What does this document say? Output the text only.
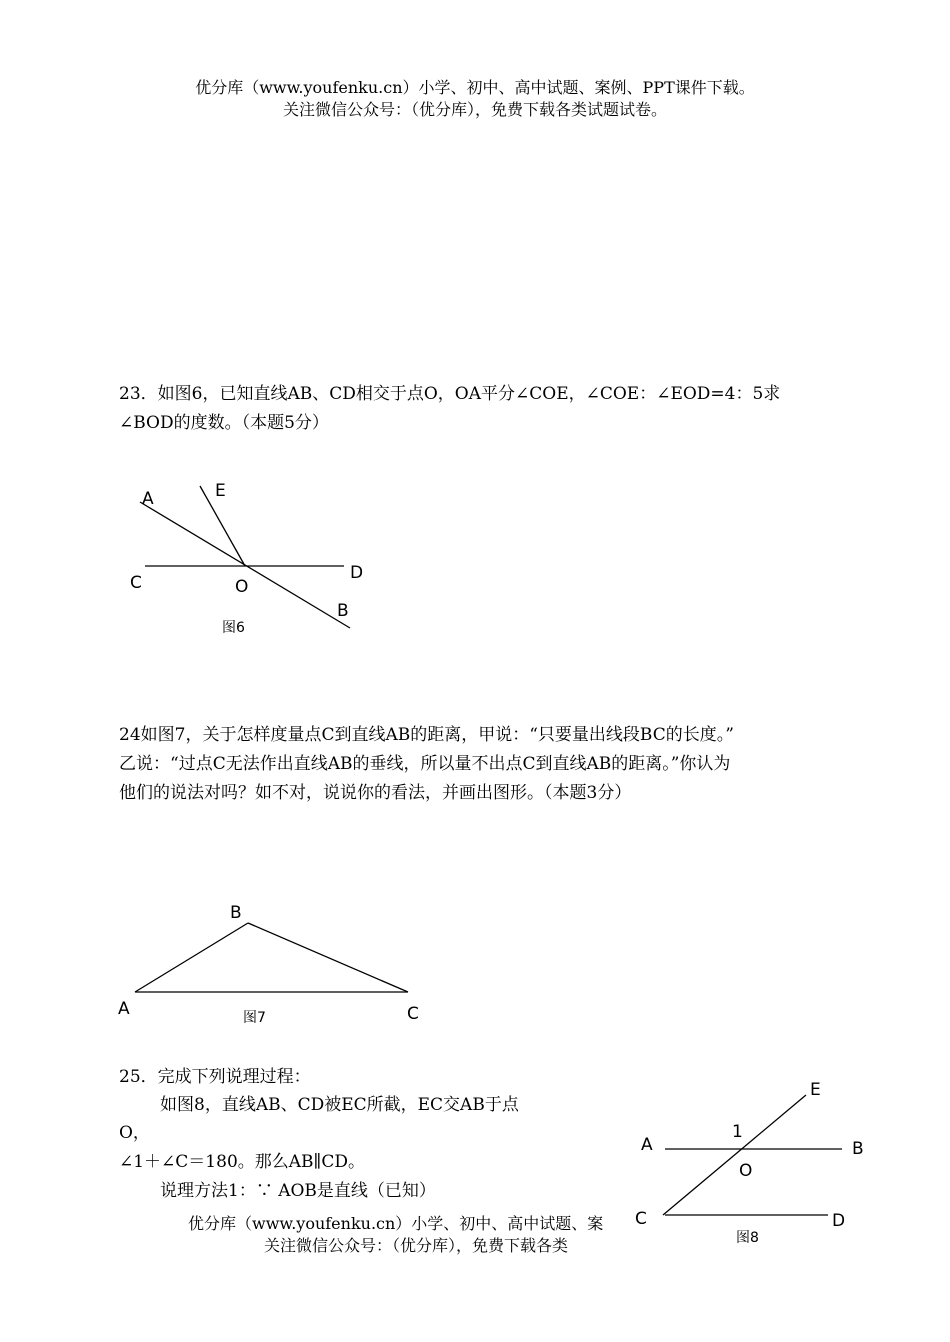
优分库（www.youfenku.cn）小学、初中、高中试题、案例、PPT课件下载。
关注微信公众号：（优分库），免费下载各类试题试卷。
23．如图6，已知直线AB、CD相交于点O，OA平分∠COE，∠COE：∠EOD=4：5求
∠BOD的度数。（本题5分）
A	E
C	O
D
B
图6
24如图7，关于怎样度量点C到直线AB的距离，甲说：“只要量出线段BC的长度。”
乙说：“过点C无法作出直线AB的垂线，所以量不出点C到直线AB的距离。”你认为
他们的说法对吗？如不对，说说你的看法，并画出图形。（本题3分）
B
A	C
图7
25．完成下列说理过程：
如图8，直线AB、CD被EC所截，EC交AB于点
O，
∠1＋∠C＝180。那么AB∥CD。
说理方法1：∵ AOB是直线（已知）
E
A
1
B
O
C	D
图8
优分库（www.youfenku.cn）小学、初中、高中试题、案
关注微信公众号：（优分库），免费下载各类
